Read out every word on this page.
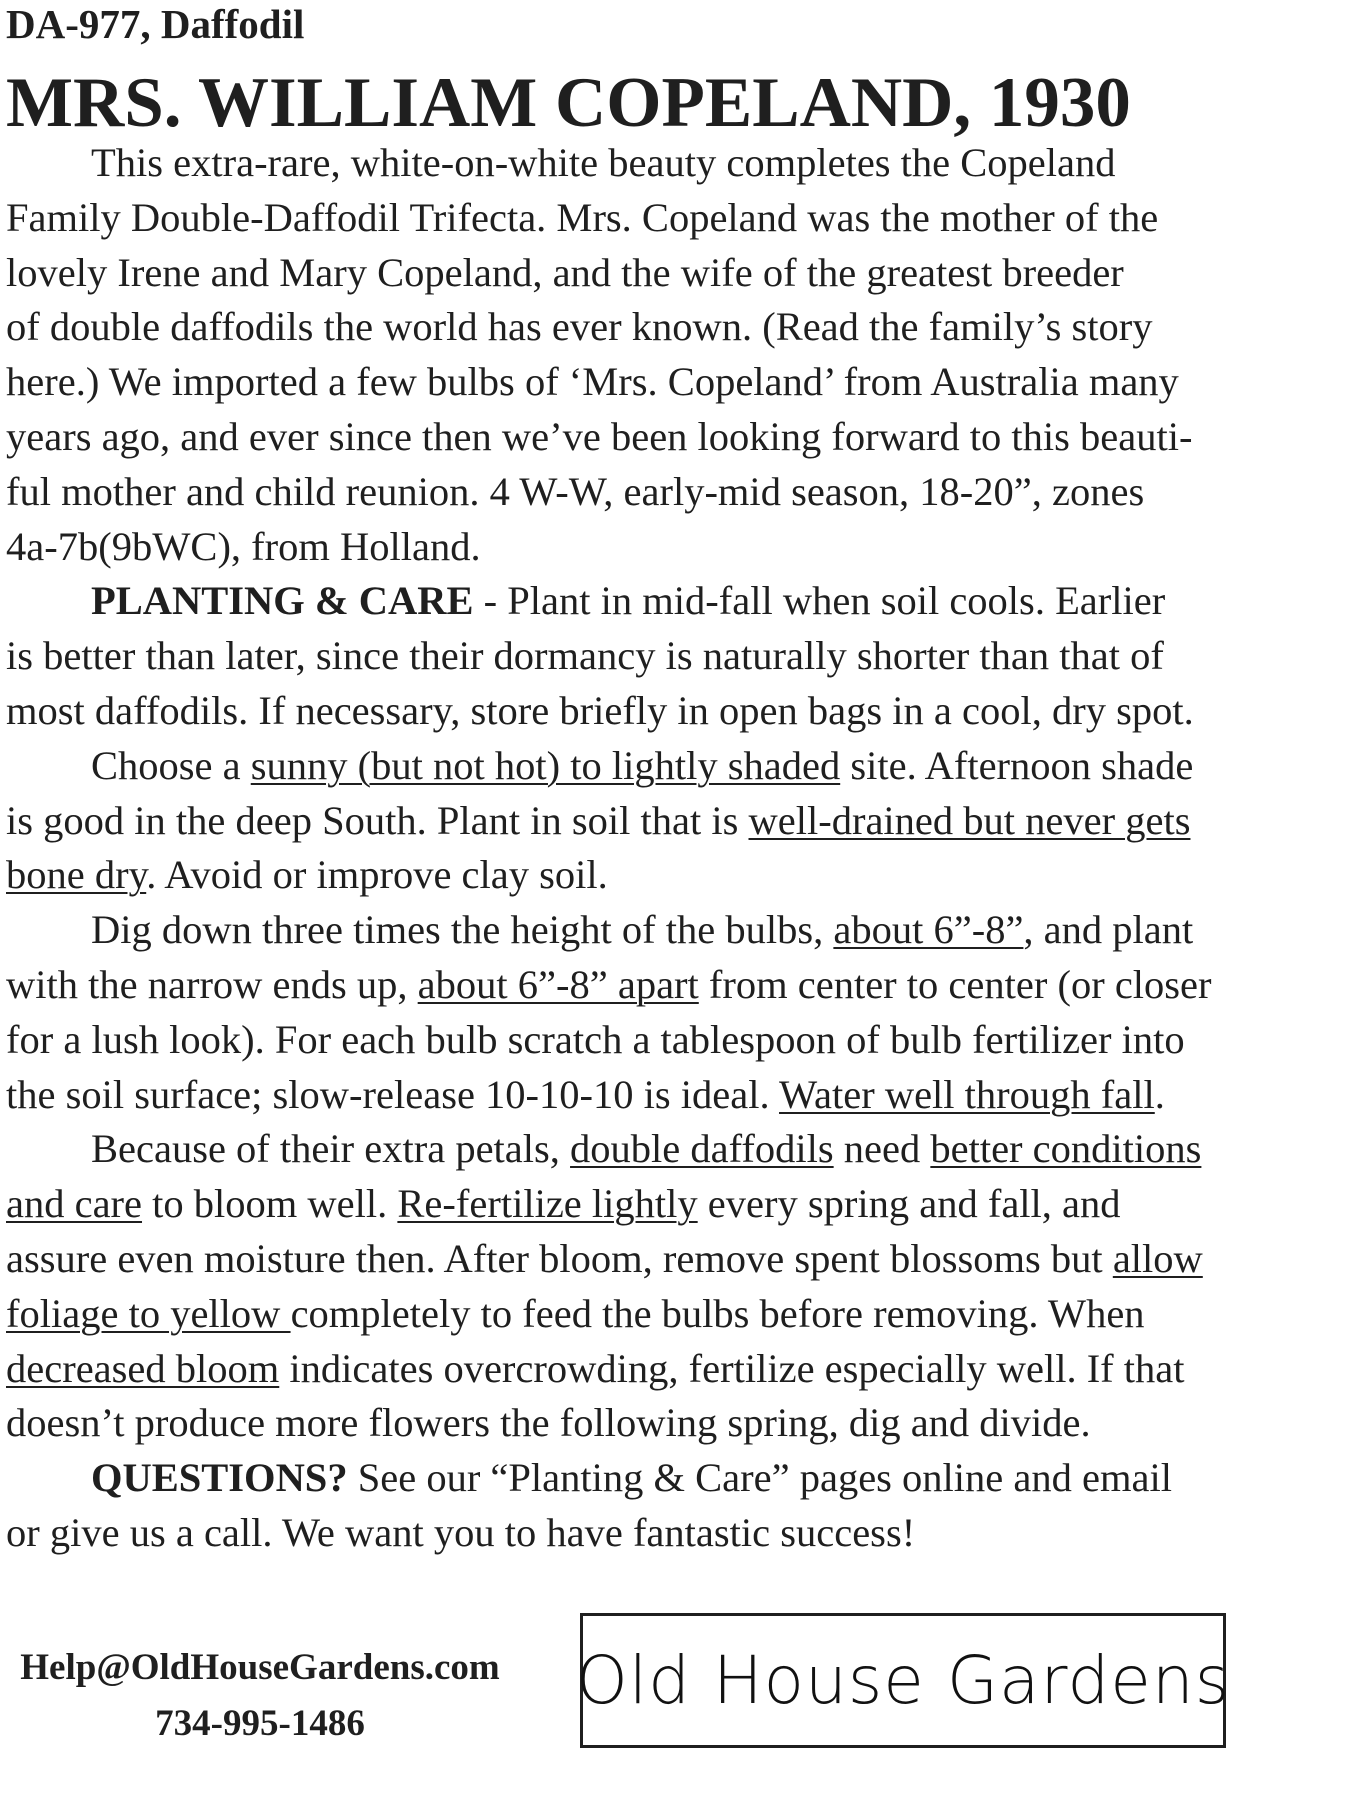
DA-977, Daffodil
MRS. WILLIAM COPELAND, 1930

This extra-rare, white-on-white beauty completes the Copeland

Family Double-Daffodil Trifecta. Mrs. Copeland was the mother of the

lovely Irene and Mary Copeland, and the wife of the greatest breeder

of double daffodils the world has ever known. (Read the family’s story

here.) We imported a few bulbs of ‘Mrs. Copeland’ from Australia many

years ago, and ever since then we’ve been looking forward to this beauti-

ful mother and child reunion. 4 W-W, early-mid season, 18-20”, zones

4a-7b(9bWC), from Holland.

PLANTING & CARE - Plant in mid-fall when soil cools. Earlier

is better than later, since their dormancy is naturally shorter than that of

most daffodils. If necessary, store briefly in open bags in a cool, dry spot.

Choose a sunny (but not hot) to lightly shaded site. Afternoon shade

is good in the deep South. Plant in soil that is well-drained but never gets

bone dry. Avoid or improve clay soil.

Dig down three times the height of the bulbs, about 6”-8”, and plant

with the narrow ends up, about 6”-8” apart from center to center (or closer

for a lush look). For each bulb scratch a tablespoon of bulb fertilizer into

the soil surface; slow-release 10-10-10 is ideal. Water well through fall.

Because of their extra petals, double daffodils need better conditions

and care to bloom well. Re-fertilize lightly every spring and fall, and

assure even moisture then. After bloom, remove spent blossoms but allow

foliage to yellow completely to feed the bulbs before removing. When

decreased bloom indicates overcrowding, fertilize especially well. If that

doesn’t produce more flowers the following spring, dig and divide.

QUESTIONS? See our “Planting & Care” pages online and email

or give us a call. We want you to have fantastic success!

Help@OldHouseGardens.com
734-995-1486
Old House Gardens
